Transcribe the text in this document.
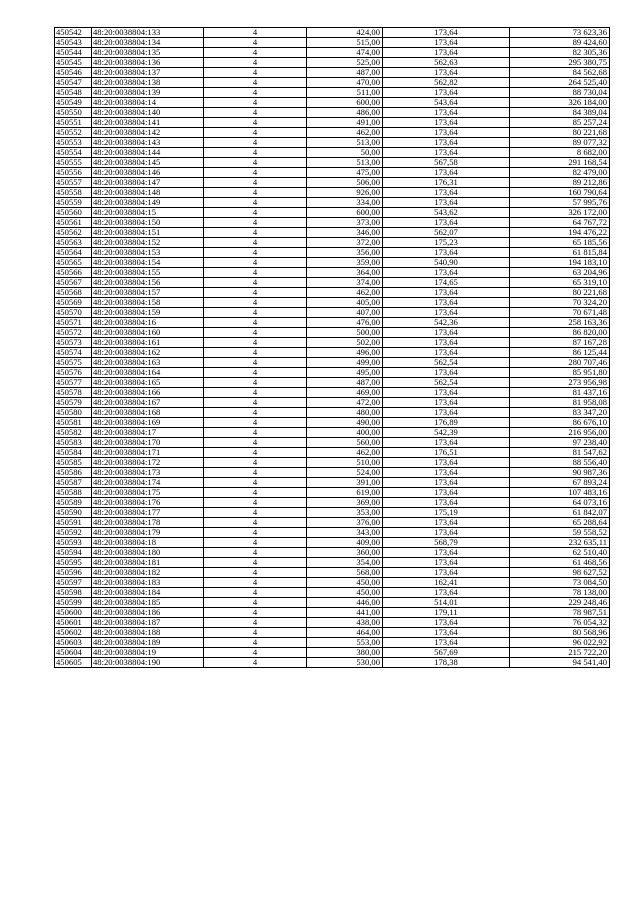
450542	48:20:0038804:133	4	424,00	173,64	73 623,36
450543	48:20:0038804:134	4	515,00	173,64	89 424,60
450544	48:20:0038804:135	4	474,00	173,64	82 305,36
450545	48:20:0038804:136	4	525,00	562,63	295 380,75
450546	48:20:0038804:137	4	487,00	173,64	84 562,68
450547	48:20:0038804:138	4	470,00	562,82	264 525,40
450548	48:20:0038804:139	4	511,00	173,64	88 730,04
450549	48:20:0038804:14	4	600,00	543,64	326 184,00
450550	48:20:0038804:140	4	486,00	173,64	84 389,04
450551	48:20:0038804:141	4	491,00	173,64	85 257,24
450552	48:20:0038804:142	4	462,00	173,64	80 221,68
450553	48:20:0038804:143	4	513,00	173,64	89 077,32
450554	48:20:0038804:144	4	50,00	173,64	8 682,00
450555	48:20:0038804:145	4	513,00	567,58	291 168,54
450556	48:20:0038804:146	4	475,00	173,64	82 479,00
450557	48:20:0038804:147	4	506,00	176,31	89 212,86
450558	48:20:0038804:148	4	926,00	173,64	160 790,64
450559	48:20:0038804:149	4	334,00	173,64	57 995,76
450560	48:20:0038804:15	4	600,00	543,62	326 172,00
450561	48:20:0038804:150	4	373,00	173,64	64 767,72
450562	48:20:0038804:151	4	346,00	562,07	194 476,22
450563	48:20:0038804:152	4	372,00	175,23	65 185,56
450564	48:20:0038804:153	4	356,00	173,64	61 815,84
450565	48:20:0038804:154	4	359,00	540,90	194 183,10
450566	48:20:0038804:155	4	364,00	173,64	63 204,96
450567	48:20:0038804:156	4	374,00	174,65	65 319,10
450568	48:20:0038804:157	4	462,00	173,64	80 221,68
450569	48:20:0038804:158	4	405,00	173,64	70 324,20
450570	48:20:0038804:159	4	407,00	173,64	70 671,48
450571	48:20:0038804:16	4	476,00	542,36	258 163,36
450572	48:20:0038804:160	4	500,00	173,64	86 820,00
450573	48:20:0038804:161	4	502,00	173,64	87 167,28
450574	48:20:0038804:162	4	496,00	173,64	86 125,44
450575	48:20:0038804:163	4	499,00	562,54	280 707,46
450576	48:20:0038804:164	4	495,00	173,64	85 951,80
450577	48:20:0038804:165	4	487,00	562,54	273 956,98
450578	48:20:0038804:166	4	469,00	173,64	81 437,16
450579	48:20:0038804:167	4	472,00	173,64	81 958,08
450580	48:20:0038804:168	4	480,00	173,64	83 347,20
450581	48:20:0038804:169	4	490,00	176,89	86 676,10
450582	48:20:0038804:17	4	400,00	542,39	216 956,00
450583	48:20:0038804:170	4	560,00	173,64	97 238,40
450584	48:20:0038804:171	4	462,00	176,51	81 547,62
450585	48:20:0038804:172	4	510,00	173,64	88 556,40
450586	48:20:0038804:173	4	524,00	173,64	90 987,36
450587	48:20:0038804:174	4	391,00	173,64	67 893,24
450588	48:20:0038804:175	4	619,00	173,64	107 483,16
450589	48:20:0038804:176	4	369,00	173,64	64 073,16
450590	48:20:0038804:177	4	353,00	175,19	61 842,07
450591	48:20:0038804:178	4	376,00	173,64	65 288,64
450592	48:20:0038804:179	4	343,00	173,64	59 558,52
450593	48:20:0038804:18	4	409,00	568,79	232 635,11
450594	48:20:0038804:180	4	360,00	173,64	62 510,40
450595	48:20:0038804:181	4	354,00	173,64	61 468,56
450596	48:20:0038804:182	4	568,00	173,64	98 627,52
450597	48:20:0038804:183	4	450,00	162,41	73 084,50
450598	48:20:0038804:184	4	450,00	173,64	78 138,00
450599	48:20:0038804:185	4	446,00	514,01	229 248,46
450600	48:20:0038804:186	4	441,00	179,11	78 987,51
450601	48:20:0038804:187	4	438,00	173,64	76 054,32
450602	48:20:0038804:188	4	464,00	173,64	80 568,96
450603	48:20:0038804:189	4	553,00	173,64	96 022,92
450604	48:20:0038804:19	4	380,00	567,69	215 722,20
450605	48:20:0038804:190	4	530,00	178,38	94 541,40
